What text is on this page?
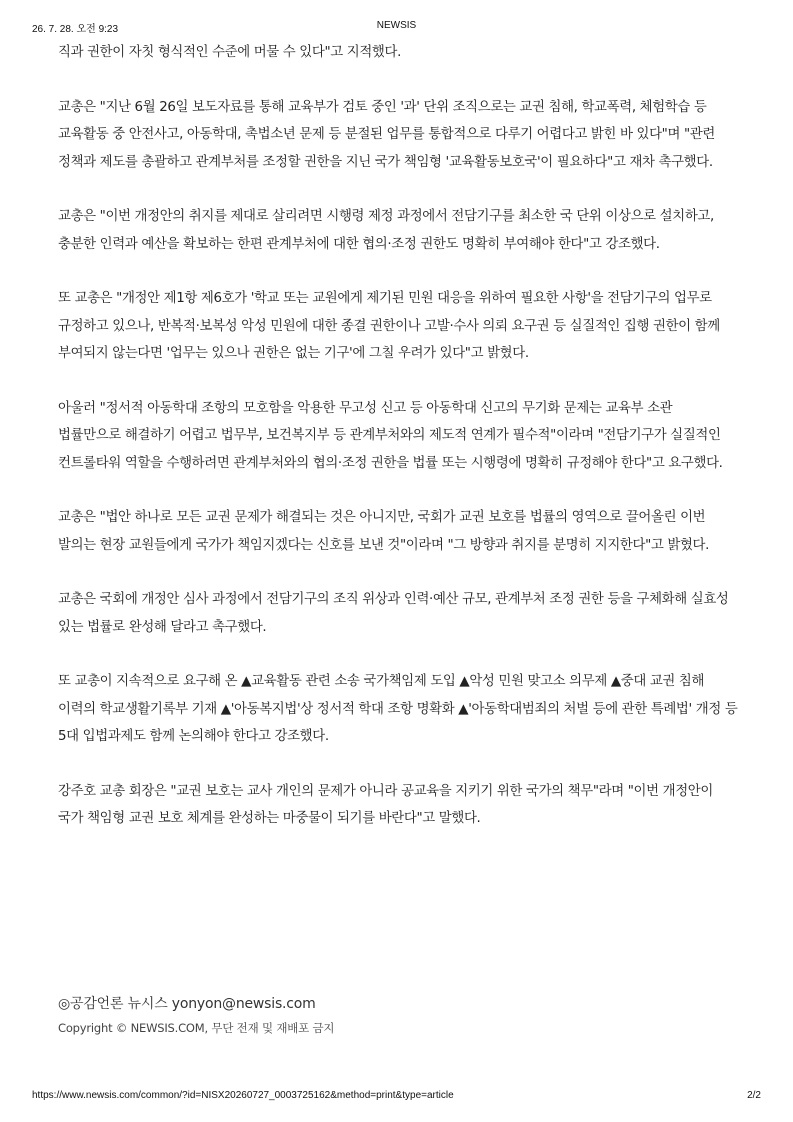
26. 7. 28. 오전 9:23	NEWSIS

직과 권한이 자칫 형식적인 수준에 머물 수 있다"고 지적했다.

교총은 "지난 6월 26일 보도자료를 통해 교육부가 검토 중인 '과' 단위 조직으로는 교권 침해, 학교폭력, 체험학습 등 교육활동 중 안전사고, 아동학대, 촉법소년 문제 등 분절된 업무를 통합적으로 다루기 어렵다고 밝힌 바 있다"며 "관련 정책과 제도를 총괄하고 관계부처를 조정할 권한을 지닌 국가 책임형 '교육활동보호국'이 필요하다"고 재차 촉구했다.

교총은 "이번 개정안의 취지를 제대로 살리려면 시행령 제정 과정에서 전담기구를 최소한 국 단위 이상으로 설치하고, 충분한 인력과 예산을 확보하는 한편 관계부처에 대한 협의·조정 권한도 명확히 부여해야 한다"고 강조했다.

또 교총은 "개정안 제1항 제6호가 '학교 또는 교원에게 제기된 민원 대응을 위하여 필요한 사항'을 전담기구의 업무로 규정하고 있으나, 반복적·보복성 악성 민원에 대한 종결 권한이나 고발·수사 의뢰 요구권 등 실질적인 집행 권한이 함께 부여되지 않는다면 '업무는 있으나 권한은 없는 기구'에 그칠 우려가 있다"고 밝혔다.

아울러 "정서적 아동학대 조항의 모호함을 악용한 무고성 신고 등 아동학대 신고의 무기화 문제는 교육부 소관 법률만으로 해결하기 어렵고 법무부, 보건복지부 등 관계부처와의 제도적 연계가 필수적"이라며 "전담기구가 실질적인 컨트롤타워 역할을 수행하려면 관계부처와의 협의·조정 권한을 법률 또는 시행령에 명확히 규정해야 한다"고 요구했다.

교총은 "법안 하나로 모든 교권 문제가 해결되는 것은 아니지만, 국회가 교권 보호를 법률의 영역으로 끌어올린 이번 발의는 현장 교원들에게 국가가 책임지겠다는 신호를 보낸 것"이라며 "그 방향과 취지를 분명히 지지한다"고 밝혔다.

교총은 국회에 개정안 심사 과정에서 전담기구의 조직 위상과 인력·예산 규모, 관계부처 조정 권한 등을 구체화해 실효성 있는 법률로 완성해 달라고 촉구했다.

또 교총이 지속적으로 요구해 온 ▲교육활동 관련 소송 국가책임제 도입 ▲악성 민원 맞고소 의무제 ▲중대 교권 침해 이력의 학교생활기록부 기재 ▲'아동복지법'상 정서적 학대 조항 명확화 ▲'아동학대범죄의 처벌 등에 관한 특례법' 개정 등 5대 입법과제도 함께 논의해야 한다고 강조했다.

강주호 교총 회장은 "교권 보호는 교사 개인의 문제가 아니라 공교육을 지키기 위한 국가의 책무"라며 "이번 개정안이 국가 책임형 교권 보호 체계를 완성하는 마중물이 되기를 바란다"고 말했다.

◎공감언론 뉴시스 yonyon@newsis.com
Copyright © NEWSIS.COM, 무단 전재 및 재배포 금지
https://www.newsis.com/common/?id=NISX20260727_0003725162&method=print&type=article	2/2
